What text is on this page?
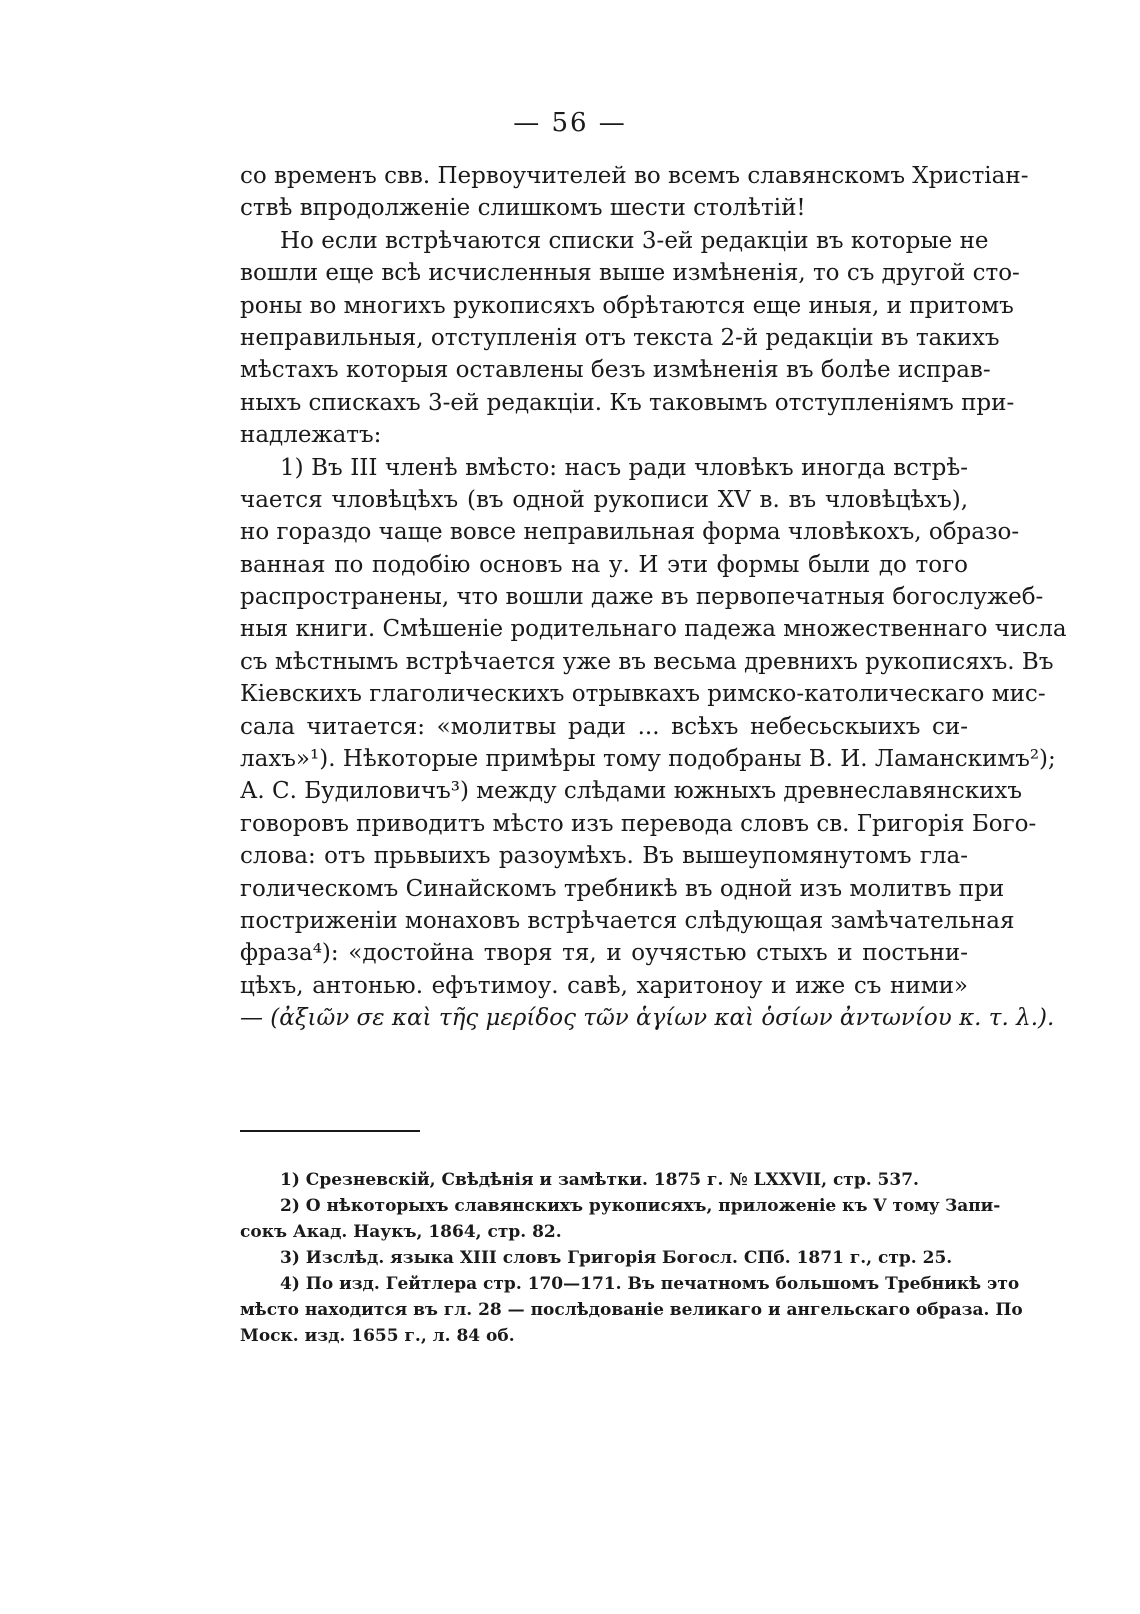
— 56 —
со временъ свв. Первоучителей во всемъ славянскомъ Христіан-
ствѣ впродолженіе слишкомъ шести столѣтій!
Но если встрѣчаются списки 3-ей редакціи въ которые не
вошли еще всѣ исчисленныя выше измѣненія, то съ другой сто-
роны во многихъ рукописяхъ обрѣтаются еще иныя, и притомъ
неправильныя, отступленія отъ текста 2-й редакціи въ такихъ
мѣстахъ которыя оставлены безъ измѣненія въ болѣе исправ-
ныхъ спискахъ 3-ей редакціи. Къ таковымъ отступленіямъ при-
надлежатъ:
1) Въ III членѣ вмѣсто: насъ ради чловѣкъ иногда встрѣ-
чается чловѣцѣхъ (въ одной рукописи XV в. въ чловѣцѣхъ),
но гораздо чаще вовсе неправильная форма чловѣкохъ, образо-
ванная по подобію основъ на у. И эти формы были до того
распространены, что вошли даже въ первопечатныя богослужеб-
ныя книги. Смѣшеніе родительнаго падежа множественнаго числа
съ мѣстнымъ встрѣчается уже въ весьма древнихъ рукописяхъ. Въ
Кіевскихъ глаголическихъ отрывкахъ римско-католическаго мис-
сала читается: «молитвы ради ... всѣхъ небесьскыихъ си-
лахъ»¹). Нѣкоторые примѣры тому подобраны В. И. Ламанскимъ²);
А. С. Будиловичъ³) между слѣдами южныхъ древнеславянскихъ
говоровъ приводитъ мѣсто изъ перевода словъ св. Григорія Бого-
слова: отъ прьвыихъ разоумѣхъ. Въ вышеупомянутомъ гла-
голическомъ Синайскомъ требникѣ въ одной изъ молитвъ при
постриженіи монаховъ встрѣчается слѣдующая замѣчательная
фраза⁴): «достойна творя тя, и оучястью стыхъ и постьни-
цѣхъ, антонью. ефътимоу. савѣ, харитоноу и иже съ ними»
— (ἀξιῶν σε καὶ τῆς μερίδος τῶν ἁγίων καὶ ὁσίων ἀντωνίου κ. τ. λ.).
1) Срезневскій, Свѣдѣнія и замѣтки. 1875 г. № LXXVII, стр. 537.
2) О нѣкоторыхъ славянскихъ рукописяхъ, приложеніе къ V томy Запи-
сокъ Акад. Наукъ, 1864, стр. 82.
3) Изслѣд. языка XIII словъ Григорія Богосл. СПб. 1871 г., стр. 25.
4) По изд. Гейтлера стр. 170—171. Въ печатномъ большомъ Требникѣ это
мѣсто находится въ гл. 28 — послѣдованіе великаго и ангельскаго образа. По
Моск. изд. 1655 г., л. 84 об.
